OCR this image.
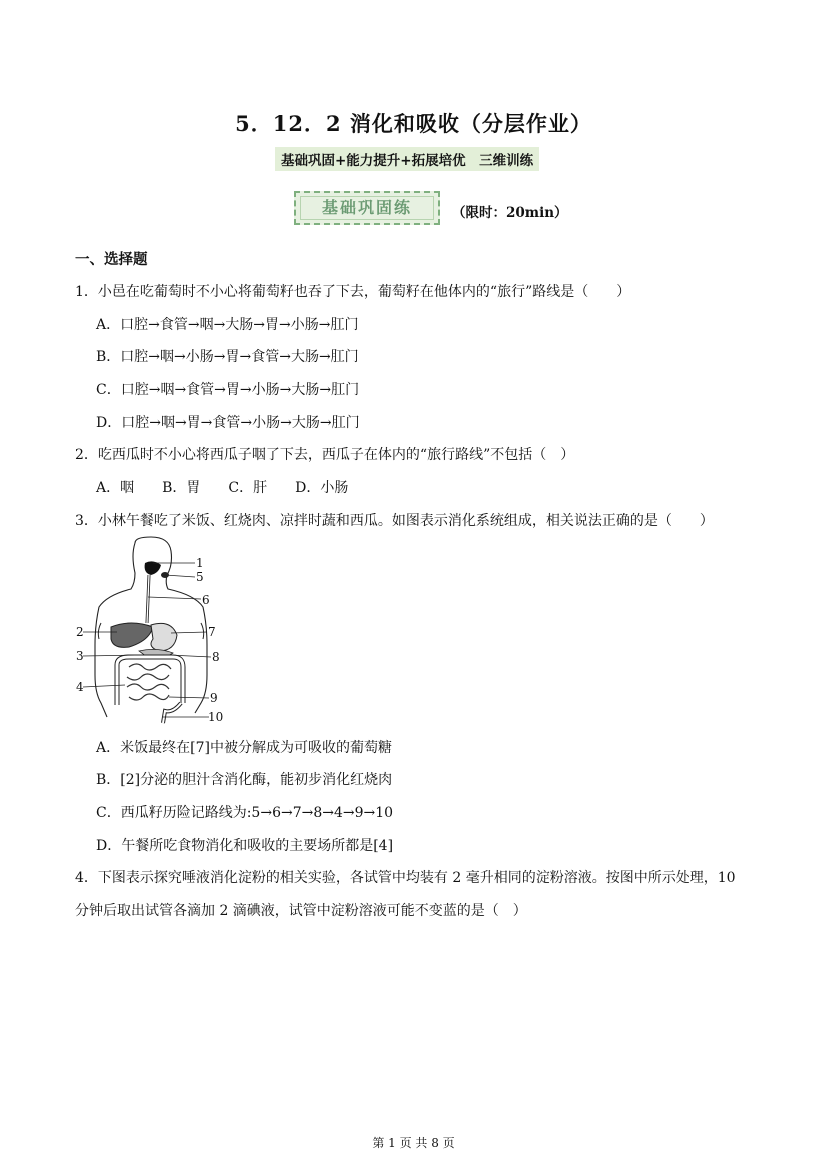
5．12．2 消化和吸收（分层作业）
基础巩固+能力提升+拓展培优　三维训练
基础巩固练	（限时：20min）
一、选择题
1．小邑在吃葡萄时不小心将葡萄籽也吞了下去，葡萄籽在他体内的“旅行”路线是（　　）
A．口腔→食管→咽→大肠→胃→小肠→肛门
B．口腔→咽→小肠→胃→食管→大肠→肛门
C．口腔→咽→食管→胃→小肠→大肠→肛门
D．口腔→咽→胃→食管→小肠→大肠→肛门
2．吃西瓜时不小心将西瓜子咽了下去，西瓜子在体内的“旅行路线”不包括（　）
A．咽　　B．胃　　C．肝　　D．小肠
3．小林午餐吃了米饭、红烧肉、凉拌时蔬和西瓜。如图表示消化系统组成，相关说法正确的是（　　）
1
5
6
2	7
3	8
4
9
10
A．米饭最终在[7]中被分解成为可吸收的葡萄糖
B．[2]分泌的胆汁含消化酶，能初步消化红烧肉
C．西瓜籽历险记路线为:5→6→7→8→4→9→10
D．午餐所吃食物消化和吸收的主要场所都是[4]
4．下图表示探究唾液消化淀粉的相关实验，各试管中均装有 2 毫升相同的淀粉溶液。按图中所示处理，10
分钟后取出试管各滴加 2 滴碘液，试管中淀粉溶液可能不变蓝的是（　）
第 1 页 共 8 页
